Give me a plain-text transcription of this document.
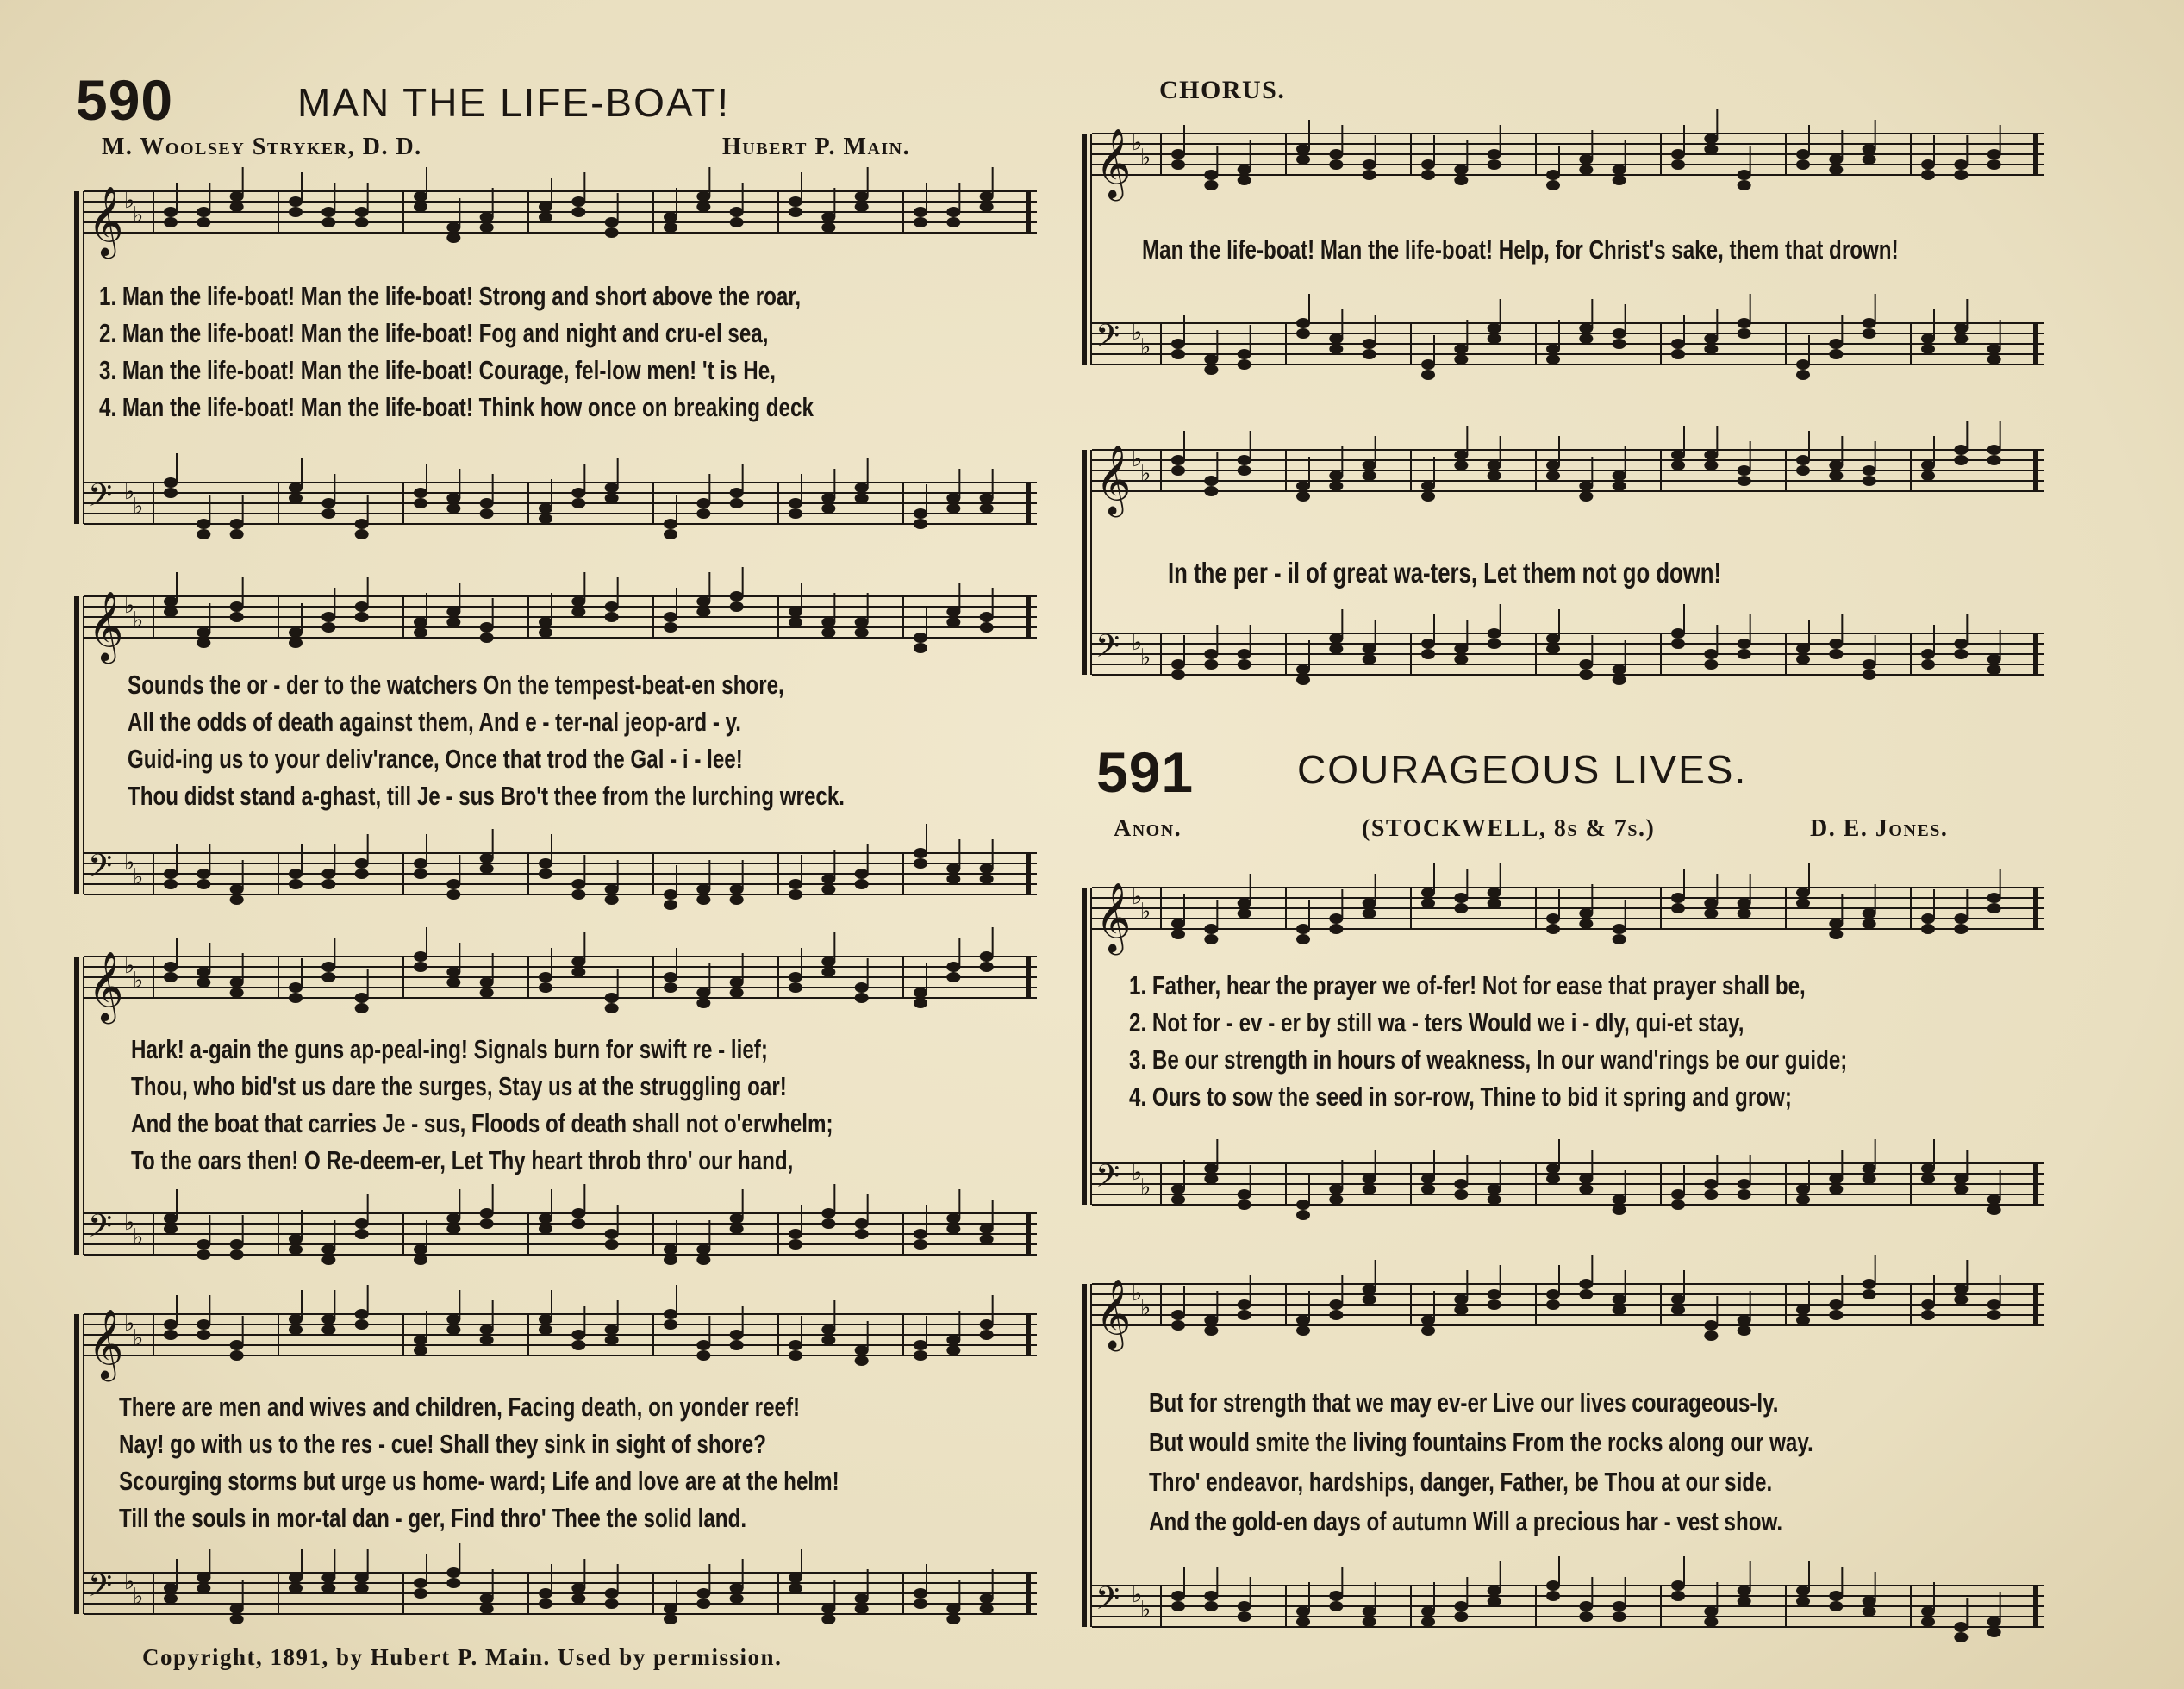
590	MAN THE LIFE-BOAT!
M. Woolsey Stryker, D. D.	Hubert P. Main.
CHORUS.
𝄞 ♭
♭
𝄢 ♭
♭
𝄞 ♭
♭
𝄢 ♭
♭
𝄞 ♭
♭
𝄢 ♭
♭
𝄞 ♭
♭
𝄢 ♭
♭
1. Man the life-boat! Man the life-boat! Strong and short above the roar,
2. Man the life-boat! Man the life-boat! Fog and night and cru-el sea,
3. Man the life-boat! Man the life-boat! Courage, fel-low men! 't is He,
4. Man the life-boat! Man the life-boat! Think how once on breaking deck
Sounds the or - der to the watchers On the tempest-beat-en shore,
All the odds of death against them, And e - ter-nal jeop-ard - y.
Guid-ing us to your deliv'rance, Once that trod the Gal - i - lee!
Thou didst stand a-ghast, till Je - sus Bro't thee from the lurching wreck.
Hark! a-gain the guns ap-peal-ing! Signals burn for swift re - lief;
Thou, who bid'st us dare the surges, Stay us at the struggling oar!
And the boat that carries Je - sus, Floods of death shall not o'erwhelm;
To the oars then! O Re-deem-er, Let Thy heart throb thro' our hand,
There are men and wives and children, Facing death, on yonder reef!
Nay! go with us to the res - cue! Shall they sink in sight of shore?
Scourging storms but urge us home- ward; Life and love are at the helm!
Till the souls in mor-tal dan - ger, Find thro' Thee the solid land.
Copyright, 1891, by Hubert P. Main. Used by permission.
Man the life-boat! Man the life-boat! Help, for Christ's sake, them that drown!
In the per - il of great wa-ters, Let them not go down!
591	COURAGEOUS LIVES.
Anon.	(STOCKWELL, 8s & 7s.)	D. E. Jones.
1. Father, hear the prayer we of-fer! Not for ease that prayer shall be,
2. Not for - ev - er by still wa - ters Would we i - dly, qui-et stay,
3. Be our strength in hours of weakness, In our wand'rings be our guide;
4. Ours to sow the seed in sor-row, Thine to bid it spring and grow;
But for strength that we may ev-er Live our lives courageous-ly.
But would smite the living fountains From the rocks along our way.
Thro' endeavor, hardships, danger, Father, be Thou at our side.
And the gold-en days of autumn Will a precious har - vest show.
𝄞 ♭
♭
𝄢 ♭
♭
𝄞 ♭
♭
𝄢 ♭
♭
𝄞 ♭
♭
𝄢 ♭
♭
𝄞 ♭
♭
𝄢 ♭
♭
